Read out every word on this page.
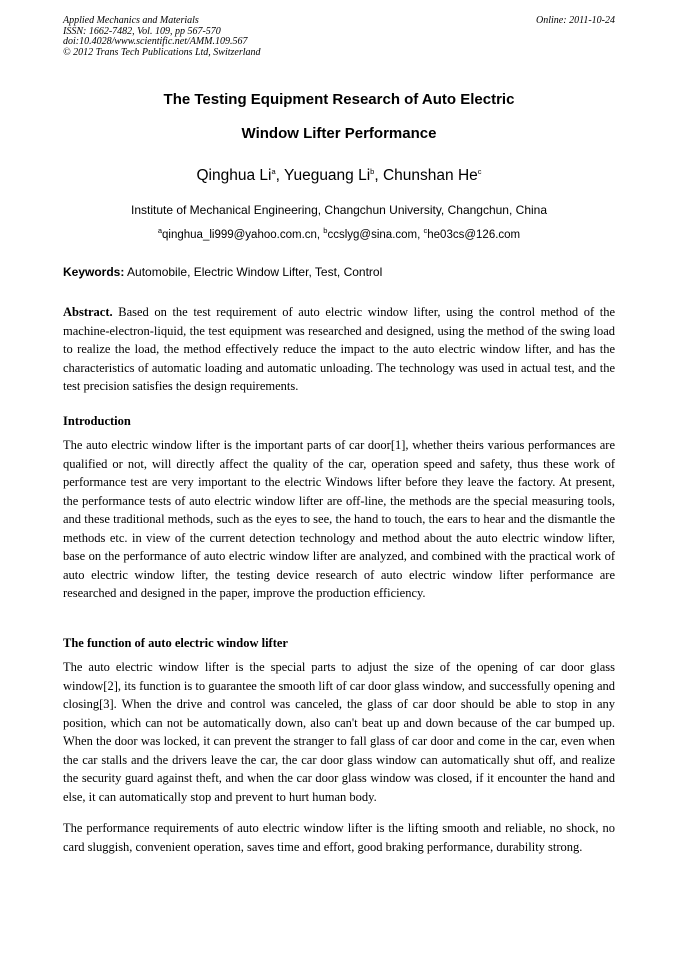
Applied Mechanics and Materials
ISSN: 1662-7482, Vol. 109, pp 567-570
doi:10.4028/www.scientific.net/AMM.109.567
© 2012 Trans Tech Publications Ltd, Switzerland
Online: 2011-10-24
The Testing Equipment Research of Auto Electric
Window Lifter Performance
Qinghua Li$^a$, Yueguang Li$^b$, Chunshan He$^c$
Institute of Mechanical Engineering, Changchun University, Changchun, China
$^a$qinghua_li999@yahoo.com.cn, $^b$ccslyg@sina.com, $^c$he03cs@126.com
Keywords: Automobile, Electric Window Lifter, Test, Control
Abstract. Based on the test requirement of auto electric window lifter, using the control method of the machine-electron-liquid, the test equipment was researched and designed, using the method of the swing load to realize the load, the method effectively reduce the impact to the auto electric window lifter, and has the characteristics of automatic loading and automatic unloading. The technology was used in actual test, and the test precision satisfies the design requirements.
Introduction
The auto electric window lifter is the important parts of car door[1], whether theirs various performances are qualified or not, will directly affect the quality of the car, operation speed and safety, thus these work of performance test are very important to the electric Windows lifter before they leave the factory. At present, the performance tests of auto electric window lifter are off-line, the methods are the special measuring tools, and these traditional methods, such as the eyes to see, the hand to touch, the ears to hear and the dismantle the methods etc. in view of the current detection technology and method about the auto electric window lifter, base on the performance of auto electric window lifter are analyzed, and combined with the practical work of auto electric window lifter, the testing device research of auto electric window lifter performance are researched and designed in the paper, improve the production efficiency.
The function of auto electric window lifter
The auto electric window lifter is the special parts to adjust the size of the opening of car door glass window[2], its function is to guarantee the smooth lift of car door glass window, and successfully opening and closing[3]. When the drive and control was canceled, the glass of car door should be able to stop in any position, which can not be automatically down, also can't beat up and down because of the car bumped up. When the door was locked, it can prevent the stranger to fall glass of car door and come in the car, even when the car stalls and the drivers leave the car, the car door glass window can automatically shut off, and realize the security guard against theft, and when the car door glass window was closed, if it encounter the hand and else, it can automatically stop and prevent to hurt human body.
The performance requirements of auto electric window lifter is the lifting smooth and reliable, no shock, no card sluggish, convenient operation, saves time and effort, good braking performance, durability strong.
